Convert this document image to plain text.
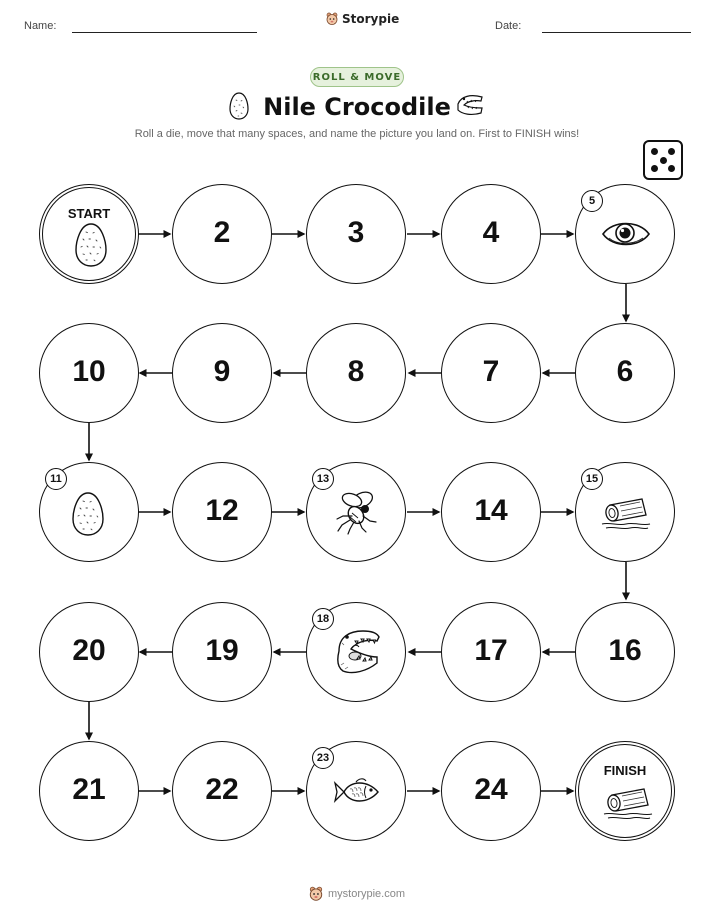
Name:	Storypie	Date:
ROLL & MOVE
Nile Crocodile
Roll a die, move that many spaces, and name the picture you land on. First to FINISH wins!
START
2	3	4
5
10	9	8	7	6
11
12
13
14
15
20	19
18
17	16
21	22
23
24
FINISH
mystorypie.com
